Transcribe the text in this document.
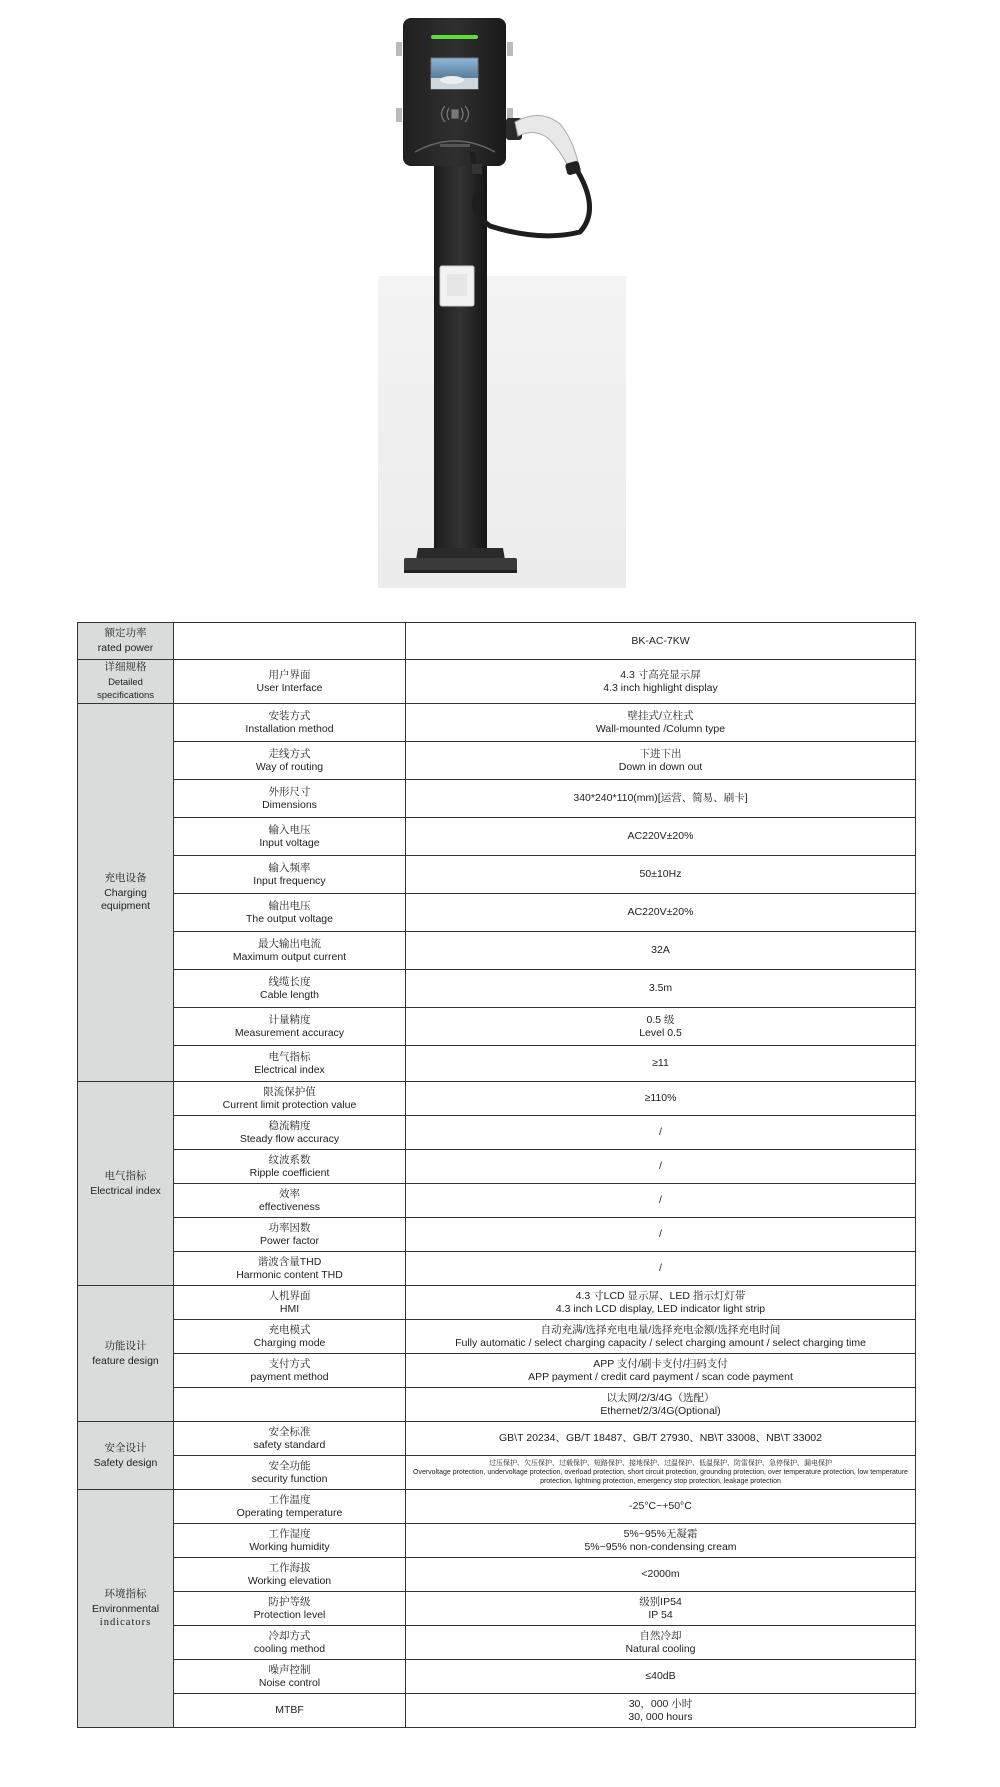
额定功率
rated power		BK-AC-7KW

详细规格
Detailed specifications	用户界面
User Interface	4.3 寸高亮显示屏
4.3 inch highlight display

充电设备
Charging
equipment	安装方式
Installation method	壁挂式/立柱式
Wall-mounted /Column type

	走线方式
Way of routing	下进下出
Down in down out

	外形尺寸
Dimensions	340*240*110(mm)[运营、简易、刷卡]

	输入电压
Input voltage	AC220V±20%

	输入频率
Input frequency	50±10Hz

	输出电压
The output voltage	AC220V±20%

	最大输出电流
Maximum output current	32A

	线缆长度
Cable length	3.5m

	计量精度
Measurement accuracy	0.5 级
Level 0.5

	电气指标
Electrical index	≥11

电气指标
Electrical index	限流保护值
Current limit protection value	≥110%

	稳流精度
Steady flow accuracy	/

	纹波系数
Ripple coefficient	/

	效率
effectiveness	/

	功率因数
Power factor	/

	谐波含量THD
Harmonic content THD	/

功能设计
feature design	人机界面
HMI	4.3 寸LCD 显示屏、LED 指示灯灯带
4.3 inch LCD display, LED indicator light strip

	充电模式
Charging mode	自动充满/选择充电电量/选择充电金额/选择充电时间
Fully automatic / select charging capacity / select charging amount / select charging time

	支付方式
payment method	APP 支付/刷卡支付/扫码支付
APP payment / credit card payment / scan code payment

		以太网/2/3/4G（选配）
Ethernet/2/3/4G(Optional)

安全设计
Safety design	安全标准
safety standard	GB\T 20234、GB/T 18487、GB/T 27930、NB\T 33008、NB\T 33002

	安全功能
security function	过压保护、欠压保护、过载保护、短路保护、接地保护、过温保护、低温保护、防雷保护、急停保护、漏电保护
Overvoltage protection, undervoltage protection, overload protection, short circuit protection, grounding protection, over temperature protection, low temperature protection, lightning protection, emergency stop protection, leakage protection

环境指标
Environmental
indicators	工作温度
Operating temperature	-25°C~+50°C

	工作湿度
Working humidity	5%~95%无凝霜
5%~95% non-condensing cream

	工作海拔
Working elevation	<2000m

	防护等级
Protection level	级别IP54
IP 54

	冷却方式
cooling method	自然冷却
Natural cooling

	噪声控制
Noise control	≤40dB

	MTBF	30，000 小时
30, 000 hours
